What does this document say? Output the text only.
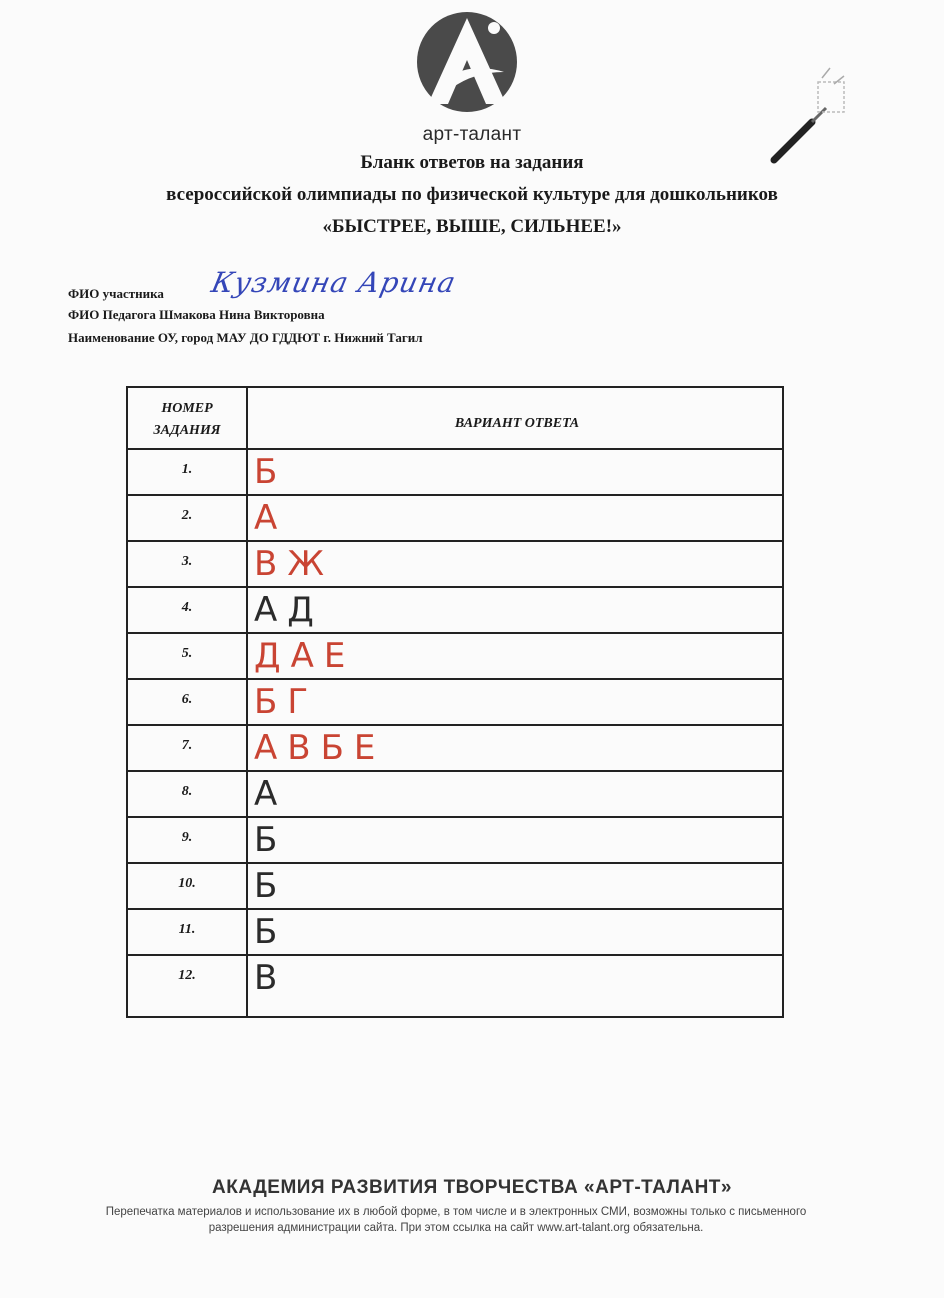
арт-талант
Бланк ответов на задания
всероссийской олимпиады по физической культуре для дошкольников
«БЫСТРЕЕ, ВЫШЕ, СИЛЬНЕЕ!»
ФИО участника Кузмина Арина
ФИО Педагога Шмакова Нина Викторовна
Наименование ОУ, город МАУ ДО ГДДЮТ г. Нижний Тагил
НОМЕР ЗАДАНИЯ	ВАРИАНТ ОТВЕТА
1.	Б
2.	А
3.	ВЖ
4.	АД
5.	ДАЕ
6.	БГ
7.	АВБЕ
8.	А
9.	Б
10.	Б
11.	Б
12.	В
АКАДЕМИЯ РАЗВИТИЯ ТВОРЧЕСТВА «АРТ-ТАЛАНТ»
Перепечатка материалов и использование их в любой форме, в том числе и в электронных СМИ, возможны только с письменного разрешения администрации сайта. При этом ссылка на сайт www.art-talant.org обязательна.
